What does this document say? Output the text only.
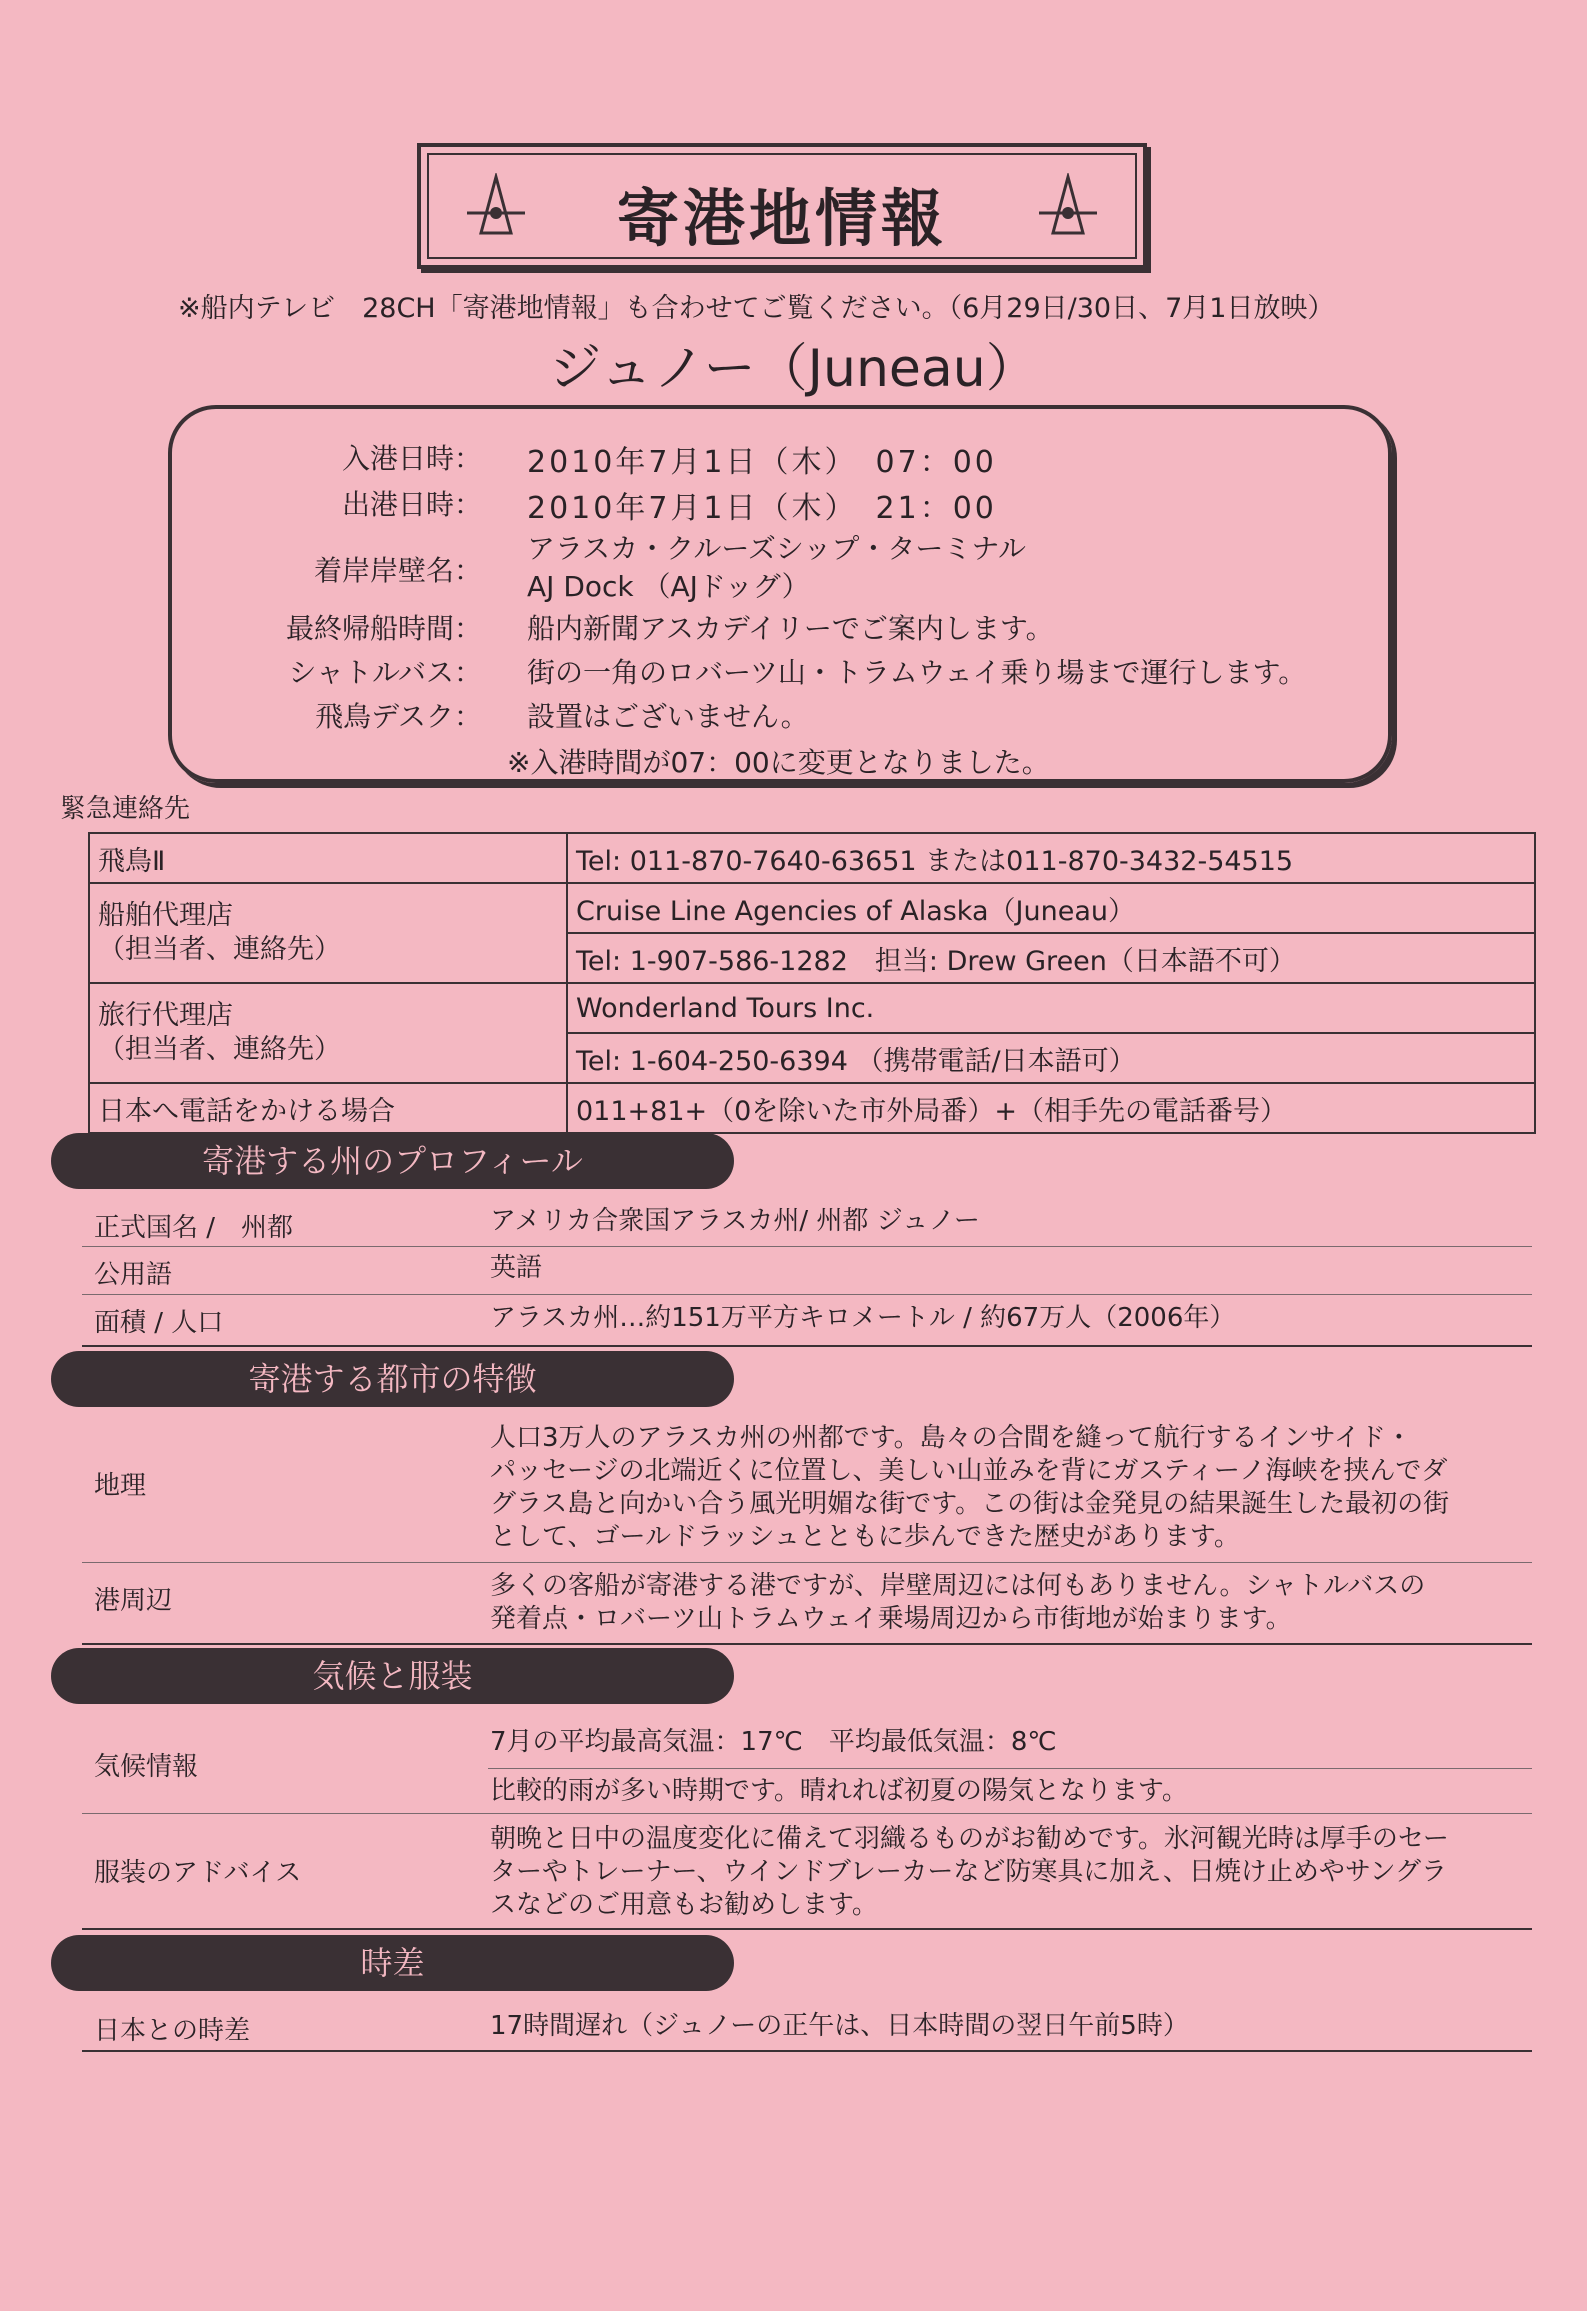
寄港地情報
※船内テレビ　28CH「寄港地情報」も合わせてご覧ください。（6月29日/30日、7月1日放映）
ジュノー（Juneau）
入港日時： 2010年7月1日（木）　07：00
出港日時： 2010年7月1日（木）　21：00
着岸岸壁名：
アラスカ・クルーズシップ・ターミナル
AJ Dock （AJドッグ）
最終帰船時間： 船内新聞アスカデイリーでご案内します。
シャトルバス： 街の一角のロバーツ山・トラムウェイ乗り場まで運行します。
飛鳥デスク： 設置はございません。
※入港時間が07：00に変更となりました。
緊急連絡先
飛鳥Ⅱ	Tel: 011-870-7640-63651 または011-870-3432-54515
船舶代理店
（担当者、連絡先）	Cruise Line Agencies of Alaska（Juneau）
	Tel: 1-907-586-1282　担当: Drew Green（日本語不可）
旅行代理店
（担当者、連絡先）	Wonderland Tours Inc.
	Tel: 1-604-250-6394 （携帯電話/日本語可）
日本へ電話をかける場合	011+81+（0を除いた市外局番）+（相手先の電話番号）
寄港する州のプロフィール
正式国名 /　州都	アメリカ合衆国アラスカ州/ 州都 ジュノー
公用語	英語
面積 / 人口	アラスカ州…約151万平方キロメートル / 約67万人（2006年）
寄港する都市の特徴
地理
人口3万人のアラスカ州の州都です。島々の合間を縫って航行するインサイド・
パッセージの北端近くに位置し、美しい山並みを背にガスティーノ海峡を挟んでダ
グラス島と向かい合う風光明媚な街です。この街は金発見の結果誕生した最初の街
として、ゴールドラッシュとともに歩んできた歴史があります。
港周辺	多くの客船が寄港する港ですが、岸壁周辺には何もありません。シャトルバスの
発着点・ロバーツ山トラムウェイ乗場周辺から市街地が始まります。
気候と服装
気候情報
7月の平均最高気温：17℃　平均最低気温：8℃
比較的雨が多い時期です。晴れれば初夏の陽気となります。
服装のアドバイス
朝晩と日中の温度変化に備えて羽織るものがお勧めです。氷河観光時は厚手のセー
ターやトレーナー、ウインドブレーカーなど防寒具に加え、日焼け止めやサングラ
スなどのご用意もお勧めします。
時差
日本との時差	17時間遅れ（ジュノーの正午は、日本時間の翌日午前5時）
